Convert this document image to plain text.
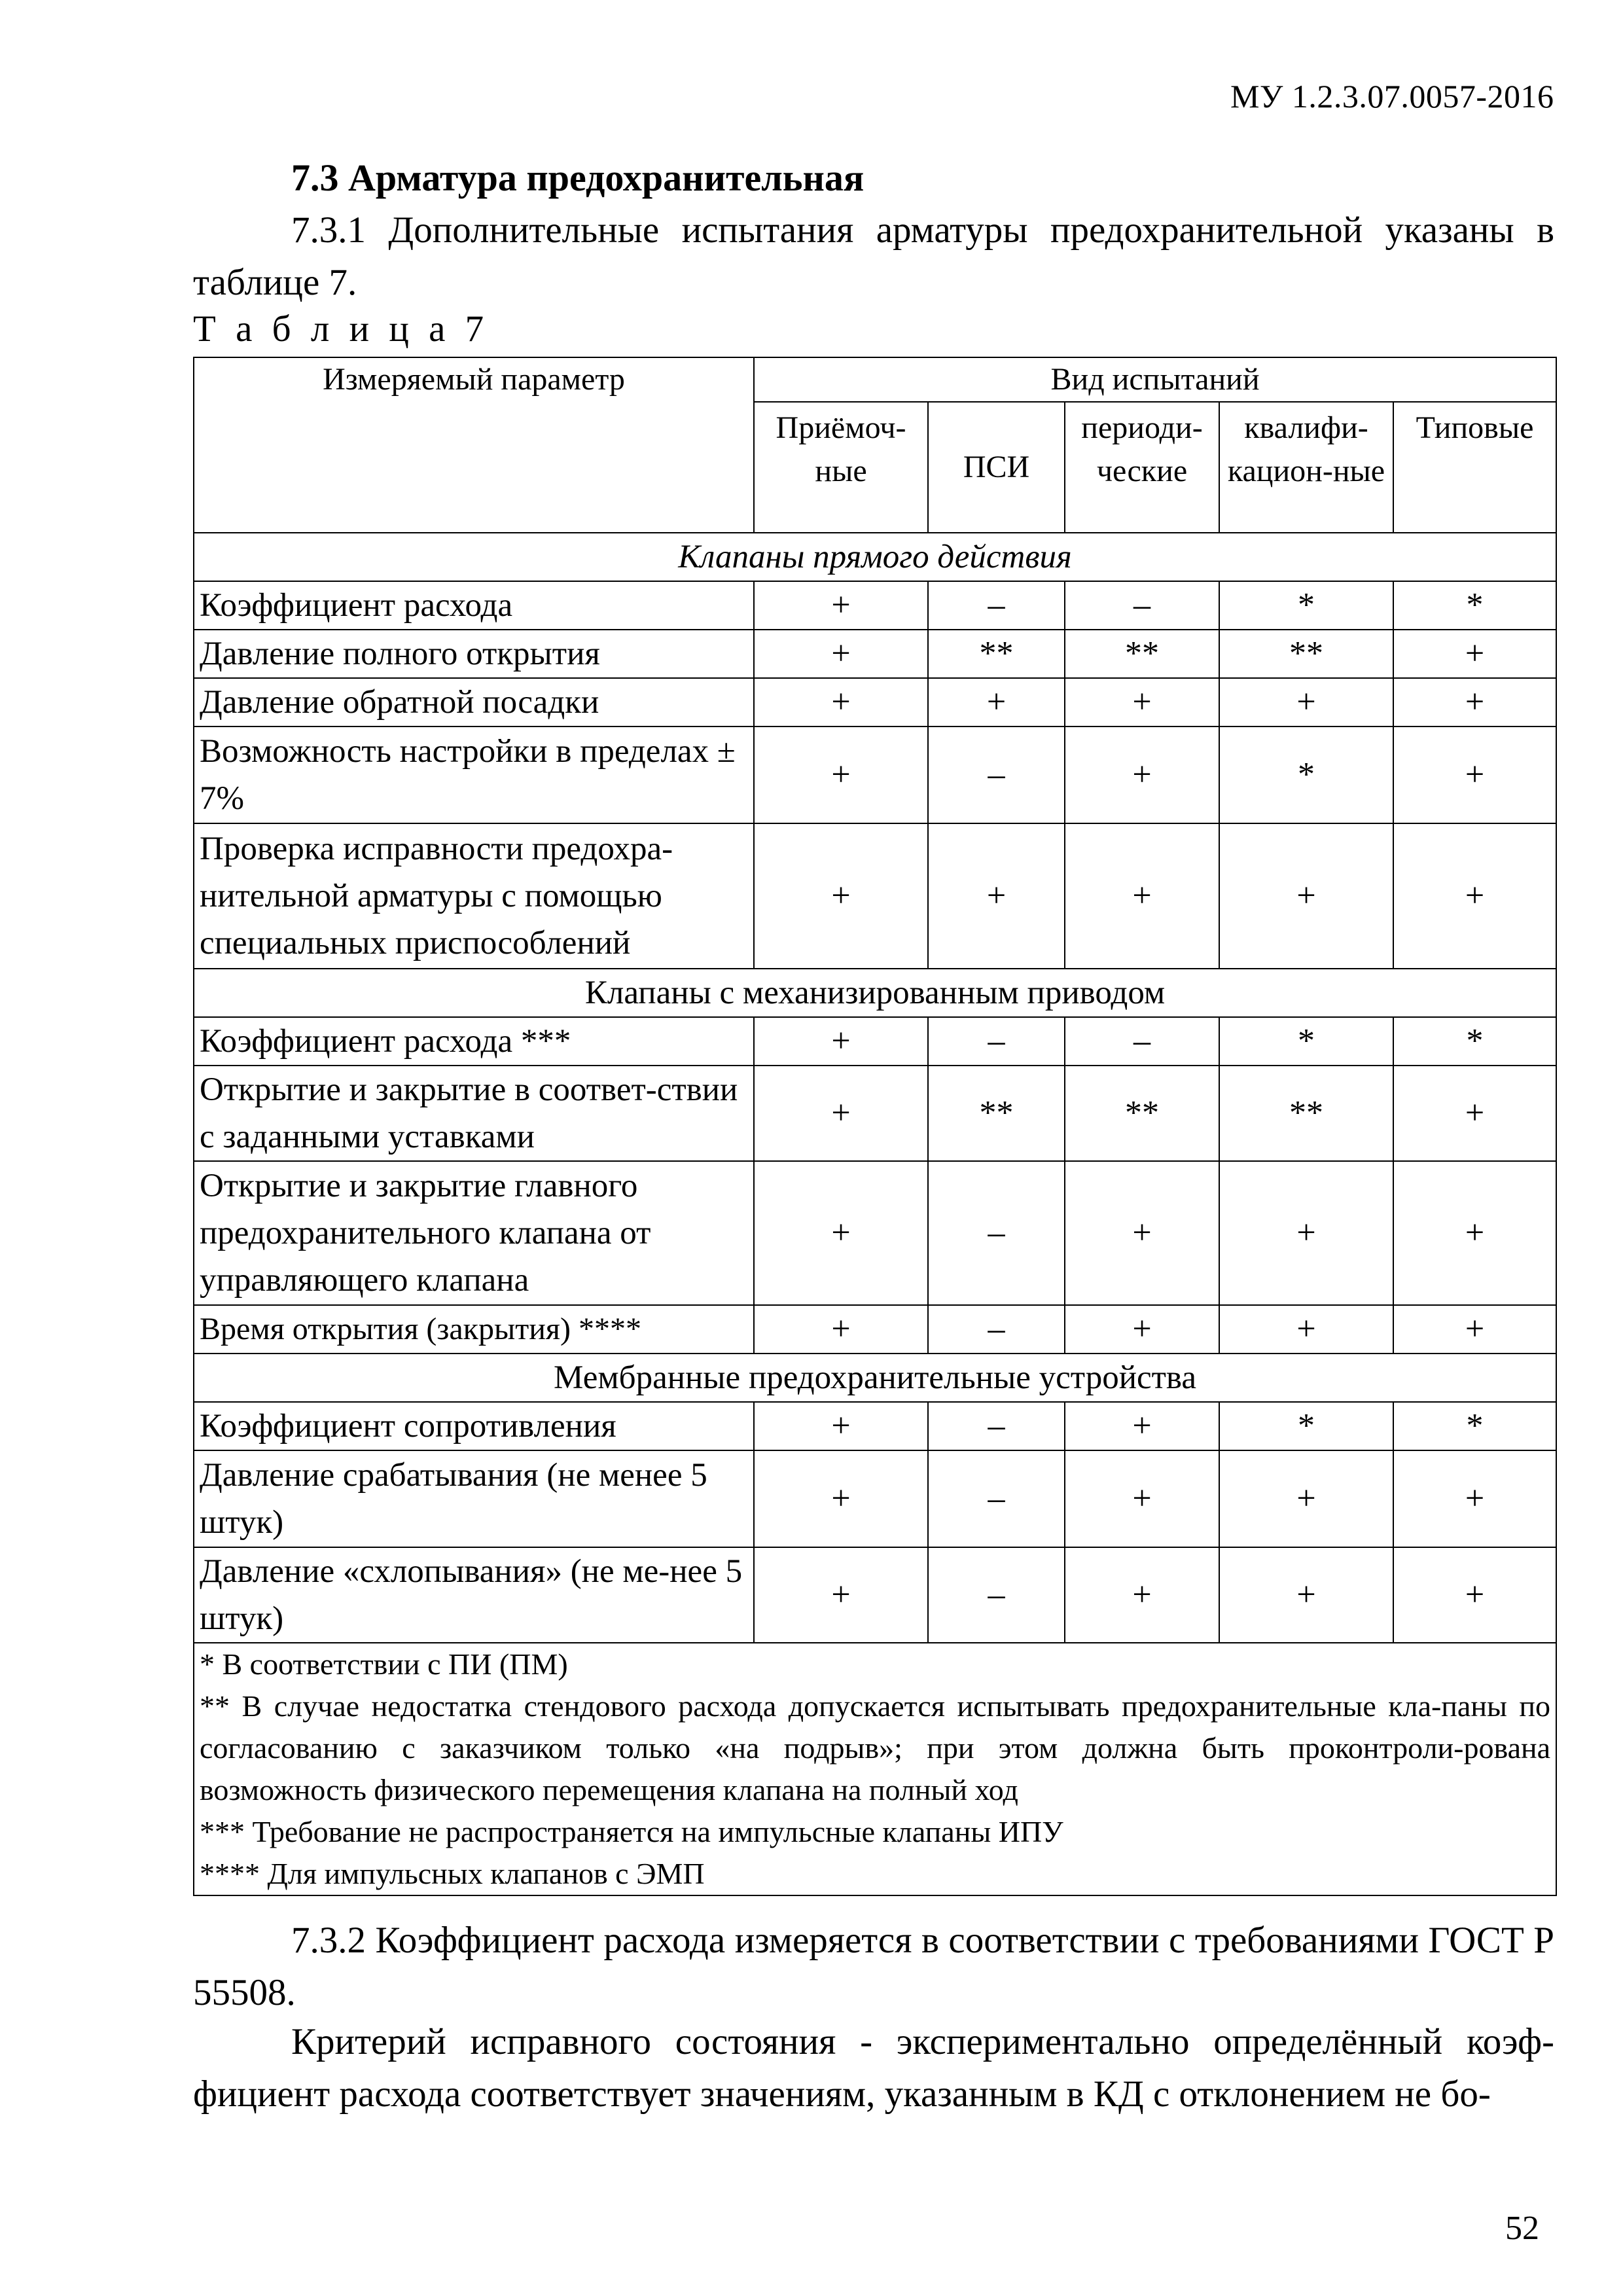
МУ 1.2.3.07.0057-2016
7.3 Арматура предохранительная
7.3.1 Дополнительные испытания арматуры предохранительной указаны в таблице 7.
Т а б л и ц а 7
Измеряемый параметр	Вид испытаний				
	Приёмоч-ные	ПСИ	периоди-ческие	квалифи-кацион-ные	Типовые
Клапаны прямого действия					
Коэффициент расхода	+	–	–	*	*
Давление полного открытия	+	**	**	**	+
Давление обратной посадки	+	+	+	+	+
Возможность настройки в пределах ± 7%	+	–	+	*	+
Проверка исправности предохра-нительной арматуры с помощью специальных приспособлений	+	+	+	+	+
Клапаны с механизированным приводом					
Коэффициент расхода ***	+	–	–	*	*
Открытие и закрытие в соответ-ствии с заданными уставками	+	**	**	**	+
Открытие и закрытие главного предохранительного клапана от управляющего клапана	+	–	+	+	+
Время открытия (закрытия) ****	+	–	+	+	+
Мембранные предохранительные устройства					
Коэффициент сопротивления	+	–	+	*	*
Давление срабатывания (не менее 5 штук)	+	–	+	+	+
Давление «схлопывания» (не ме-нее 5 штук)	+	–	+	+	+

* В соответствии с ПИ (ПМ)
** В случае недостатка стендового расхода допускается испытывать предохранительные кла-паны по согласованию с заказчиком только «на подрыв»; при этом должна быть проконтроли-рована возможность физического перемещения клапана на полный ход
*** Требование не распространяется на импульсные клапаны ИПУ
**** Для импульсных клапанов с ЭМП					
7.3.2 Коэффициент расхода измеряется в соответствии с требованиями ГОСТ Р 55508.
Критерий исправного состояния - экспериментально определённый коэф-фициент расхода соответствует значениям, указанным в КД с отклонением не бо-
52
